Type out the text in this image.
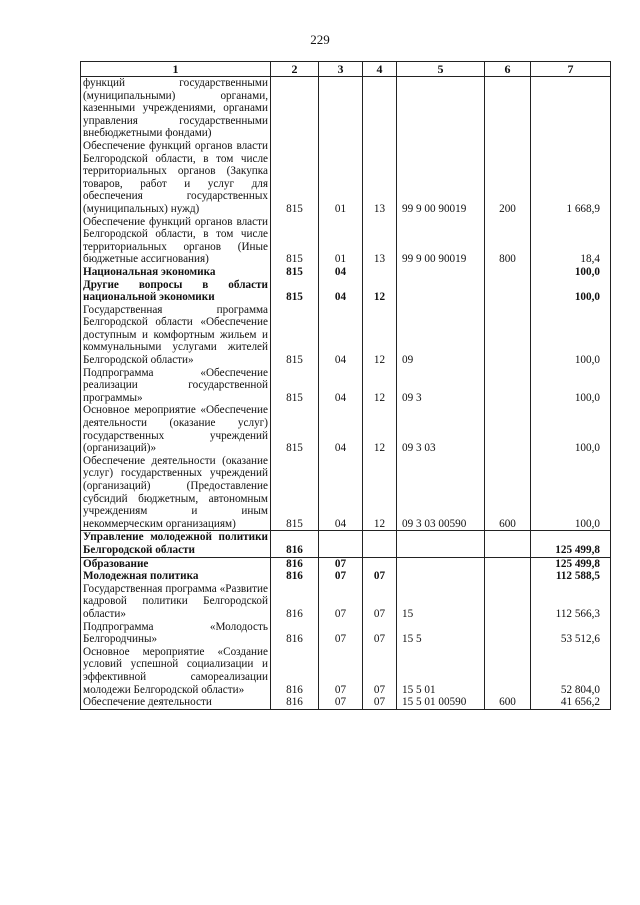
229
1	2	3	4	5	6	7
функций государственными (муниципальными) органами, казенными учреждениями, органами управления государственными внебюджетными фондами)						
Обеспечение функций органов власти Белгородской области, в том числе территориальных органов (Закупка товаров, работ и услуг для обеспечения государственных (муниципальных) нужд)	815	01	13	99 9 00 90019	200	1 668,9
Обеспечение функций органов власти Белгородской области, в том числе территориальных органов (Иные бюджетные ассигнования)	815	01	13	99 9 00 90019	800	18,4
Национальная экономика	815	04				100,0
Другие вопросы в области национальной экономики	815	04	12			100,0
Государственная программа Белгородской области «Обеспечение доступным и комфортным жильем и коммунальными услугами жителей Белгородской области»	815	04	12	09		100,0
Подпрограмма «Обеспечение реализации государственной программы»	815	04	12	09 3		100,0
Основное мероприятие «Обеспечение деятельности (оказание услуг) государственных учреждений (организаций)»	815	04	12	09 3 03		100,0
Обеспечение деятельности (оказание услуг) государственных учреждений (организаций) (Предоставление субсидий бюджетным, автономным учреждениям и иным некоммерческим организациям)	815	04	12	09 3 03 00590	600	100,0
Управление молодежной политики Белгородской области	816					125 499,8
Образование	816	07				125 499,8
Молодежная политика	816	07	07			112 588,5
Государственная программа «Развитие кадровой политики Белгородской области»	816	07	07	15		112 566,3
Подпрограмма «Молодость Белгородчины»	816	07	07	15 5		53 512,6
Основное мероприятие «Создание условий успешной социализации и эффективной самореализации молодежи Белгородской области»	816	07	07	15 5 01		52 804,0
Обеспечение деятельности	816	07	07	15 5 01 00590	600	41 656,2
